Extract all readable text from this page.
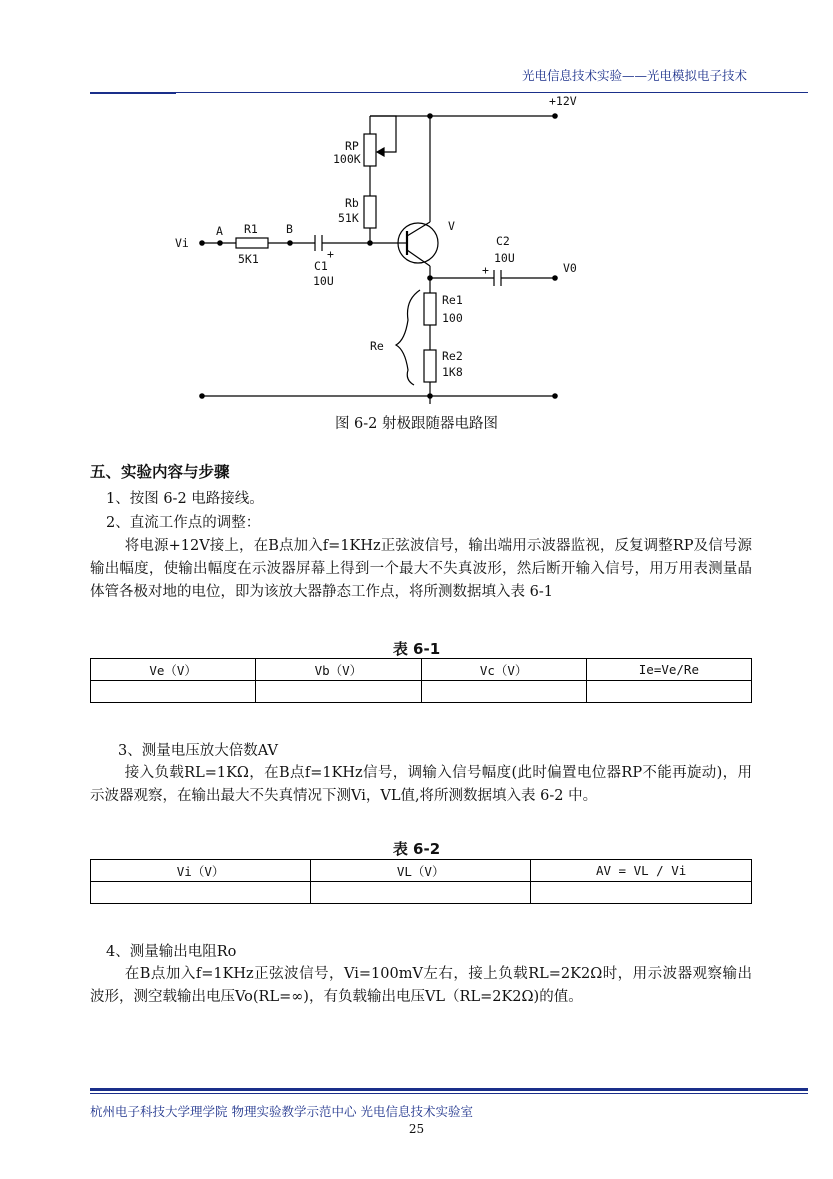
光电信息技术实验——光电模拟电子技术
+12V
RP
100K
Rb
51K
Vi
A R1
5K1
B
+
C1
10U
V
C2
10U
+	V0
Re1
100
Re
Re2
1K8
图 6-2 射极跟随器电路图
五、实验内容与步骤
1、按图 6-2 电路接线。
2、直流工作点的调整：
将电源+12V接上，在B点加入f=1KHz正弦波信号，输出端用示波器监视，反复调整RP及信号源输出幅度，使输出幅度在示波器屏幕上得到一个最大不失真波形，然后断开输入信号，用万用表测量晶体管各极对地的电位，即为该放大器静态工作点，将所测数据填入表 6-1
表 6-1
Ve（V）	Vb（V）	Vc（V）	Ie=Ve/Re

3、测量电压放大倍数AV
接入负载RL=1KΩ，在B点f=1KHz信号，调输入信号幅度(此时偏置电位器RP不能再旋动)，用示波器观察，在输出最大不失真情况下测Vi，VL值,将所测数据填入表 6-2 中。
表 6-2
Vi（V）	VL（V）	AV = VL / Vi

4、测量输出电阻Ro
在B点加入f=1KHz正弦波信号，Vi=100mV左右，接上负载RL=2K2Ω时，用示波器观察输出波形，测空载输出电压Vo(RL=∞)，有负载输出电压VL（RL=2K2Ω)的值。
杭州电子科技大学理学院 物理实验教学示范中心 光电信息技术实验室
25
